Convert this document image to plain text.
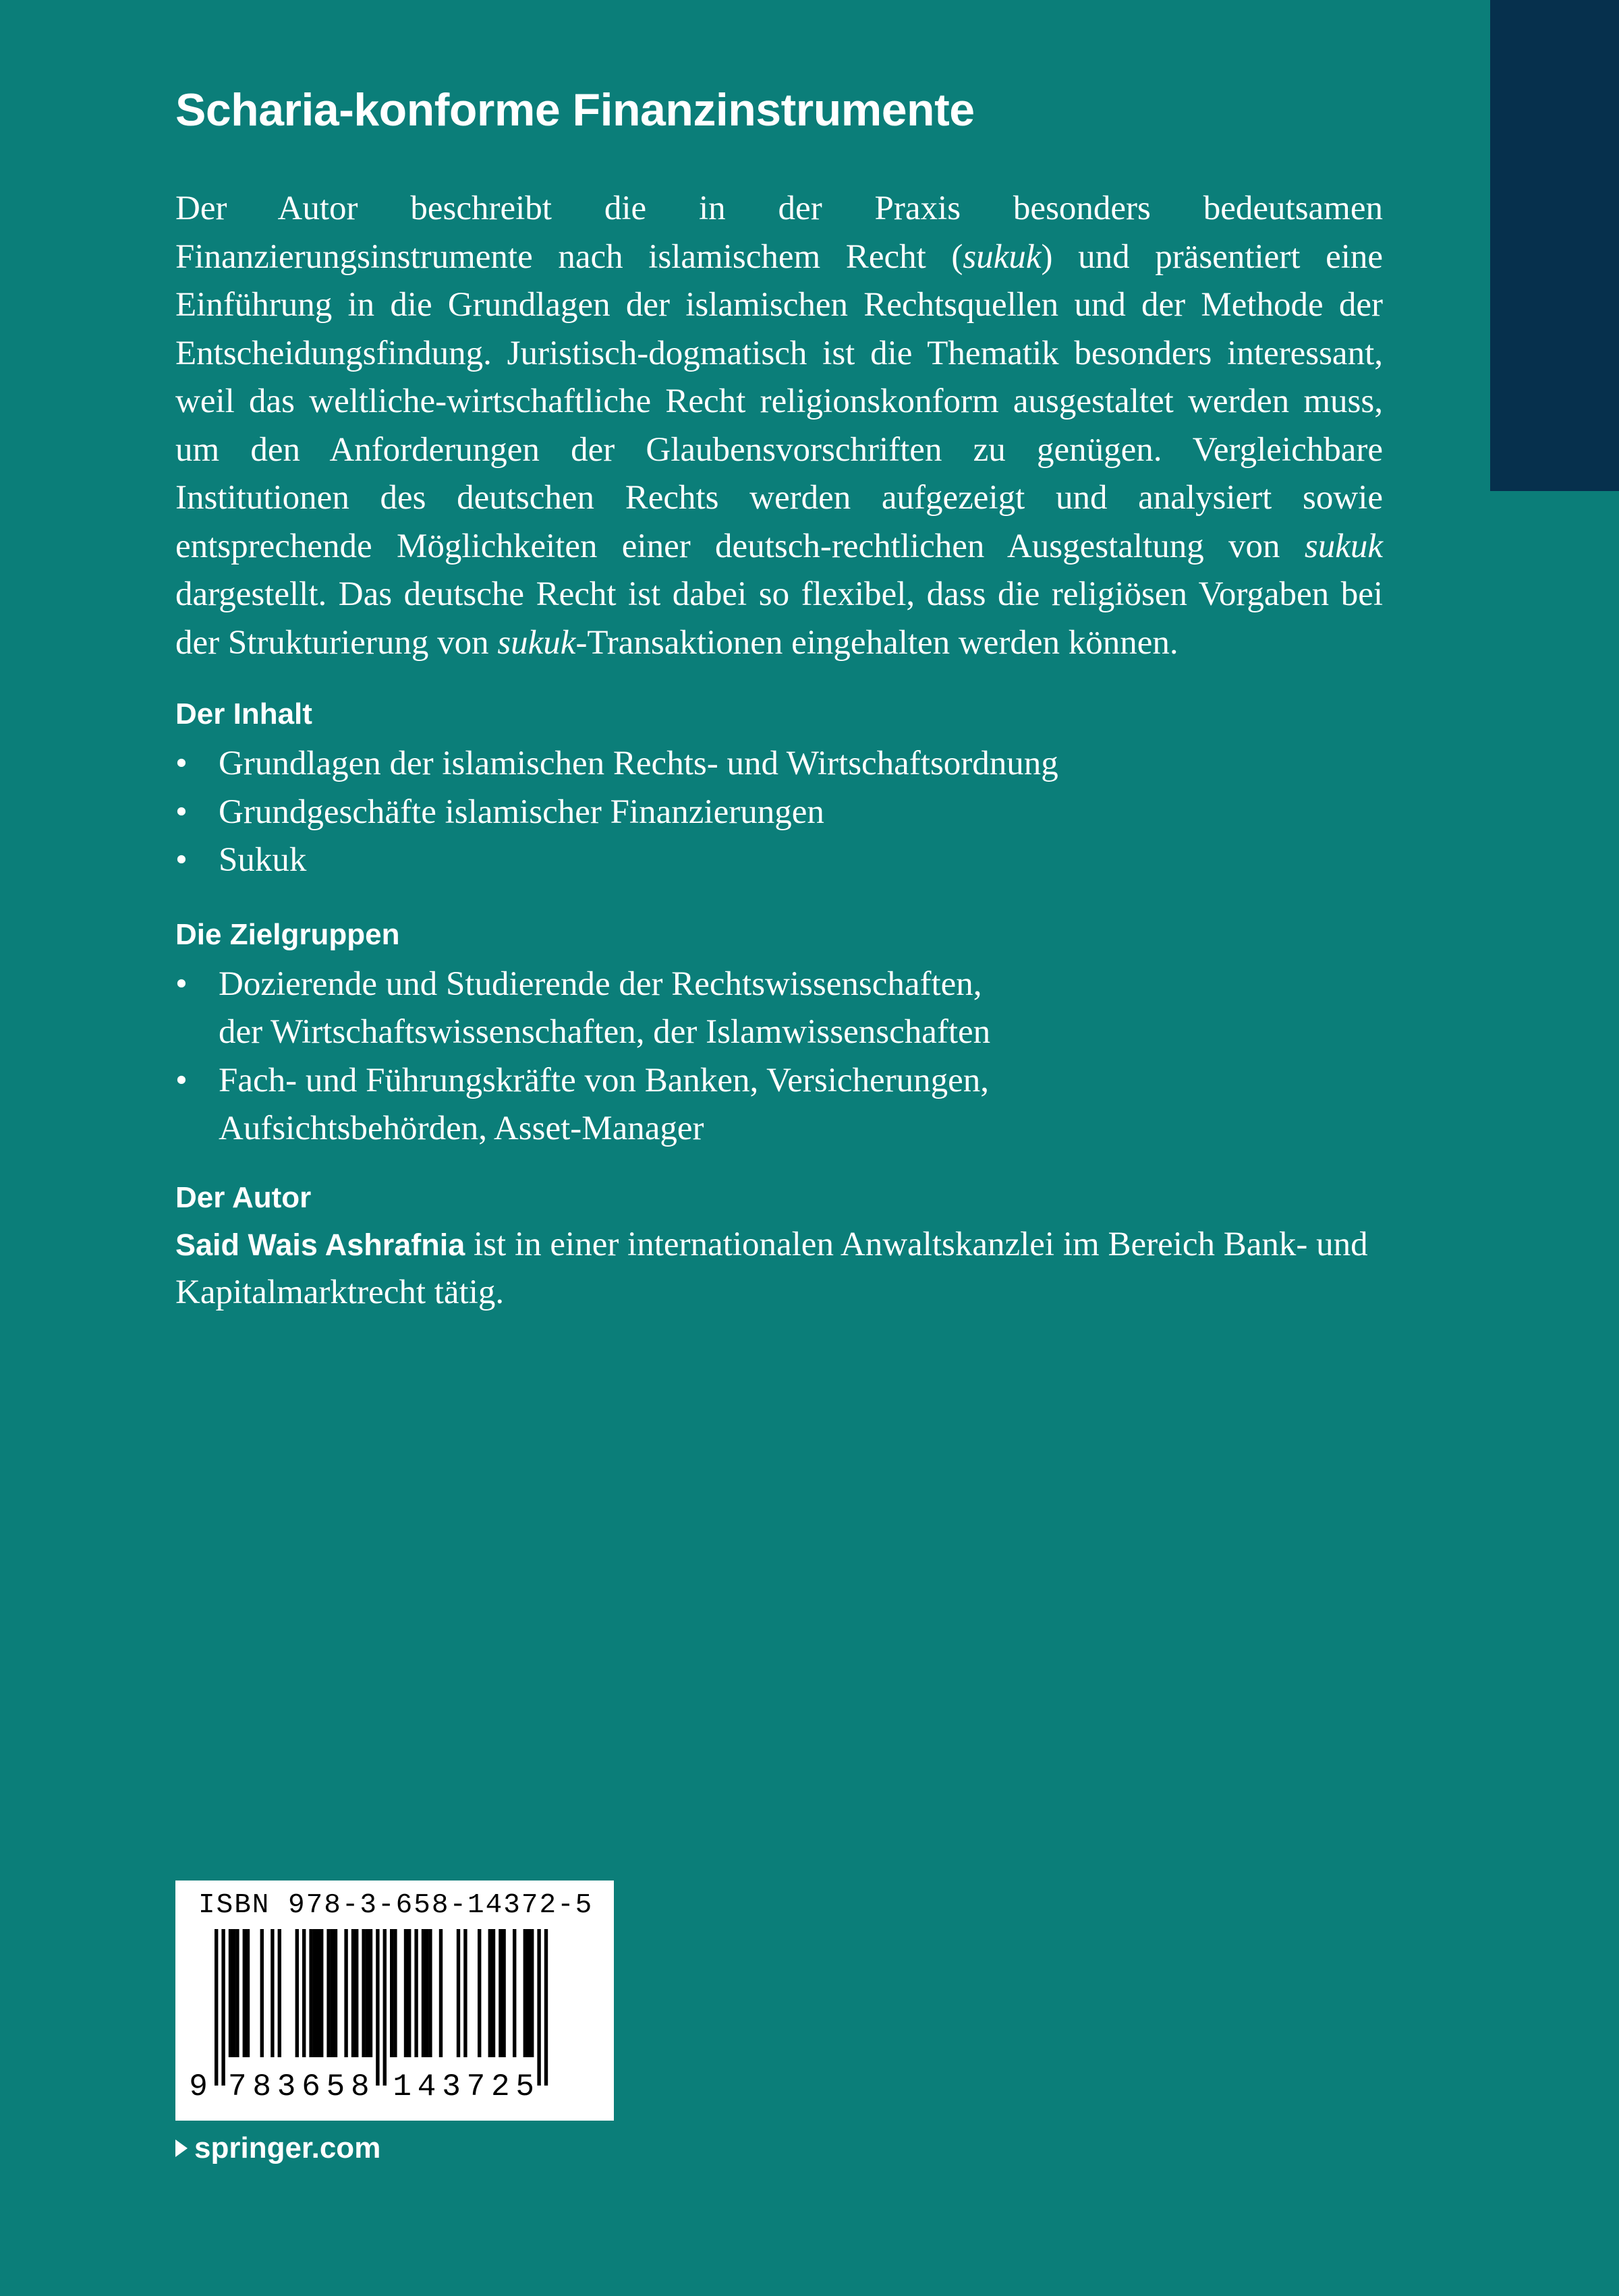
Scharia-konforme Finanzinstrumente

Der Autor beschreibt die in der Praxis besonders bedeutsamen Finanzierungsinstrumente nach islamischem Recht (sukuk) und präsentiert eine Einführung in die Grundlagen der islamischen Rechtsquellen und der Methode der Entscheidungsfindung. Juristisch-dogmatisch ist die Thematik besonders interessant, weil das weltliche-wirtschaftliche Recht religionskonform ausgestaltet werden muss, um den Anforderungen der Glaubensvorschriften zu genügen. Vergleichbare Institutionen des deutschen Rechts werden aufgezeigt und analysiert sowie entsprechende Möglichkeiten einer deutsch-rechtlichen Ausgestaltung von sukuk dargestellt. Das deutsche Recht ist dabei so flexibel, dass die religiösen Vorgaben bei der Strukturierung von sukuk-Transaktionen eingehalten werden können.

Der Inhalt
• Grundlagen der islamischen Rechts- und Wirtschaftsordnung
• Grundgeschäfte islamischer Finanzierungen
• Sukuk
Die Zielgruppen
• Dozierende und Studierende der Rechtswissenschaften,
der Wirtschaftswissenschaften, der Islamwissenschaften
• Fach- und Führungskräfte von Banken, Versicherungen,
Aufsichtsbehörden, Asset-Manager
Der Autor

Said Wais Ashrafnia ist in einer internationalen Anwaltskanzlei im Bereich Bank- und Kapitalmarktrecht tätig.

ISBN 978-3-658-14372-5
9 7 8 3 6 5 8 1 4 3 7 2 5
springer.com
